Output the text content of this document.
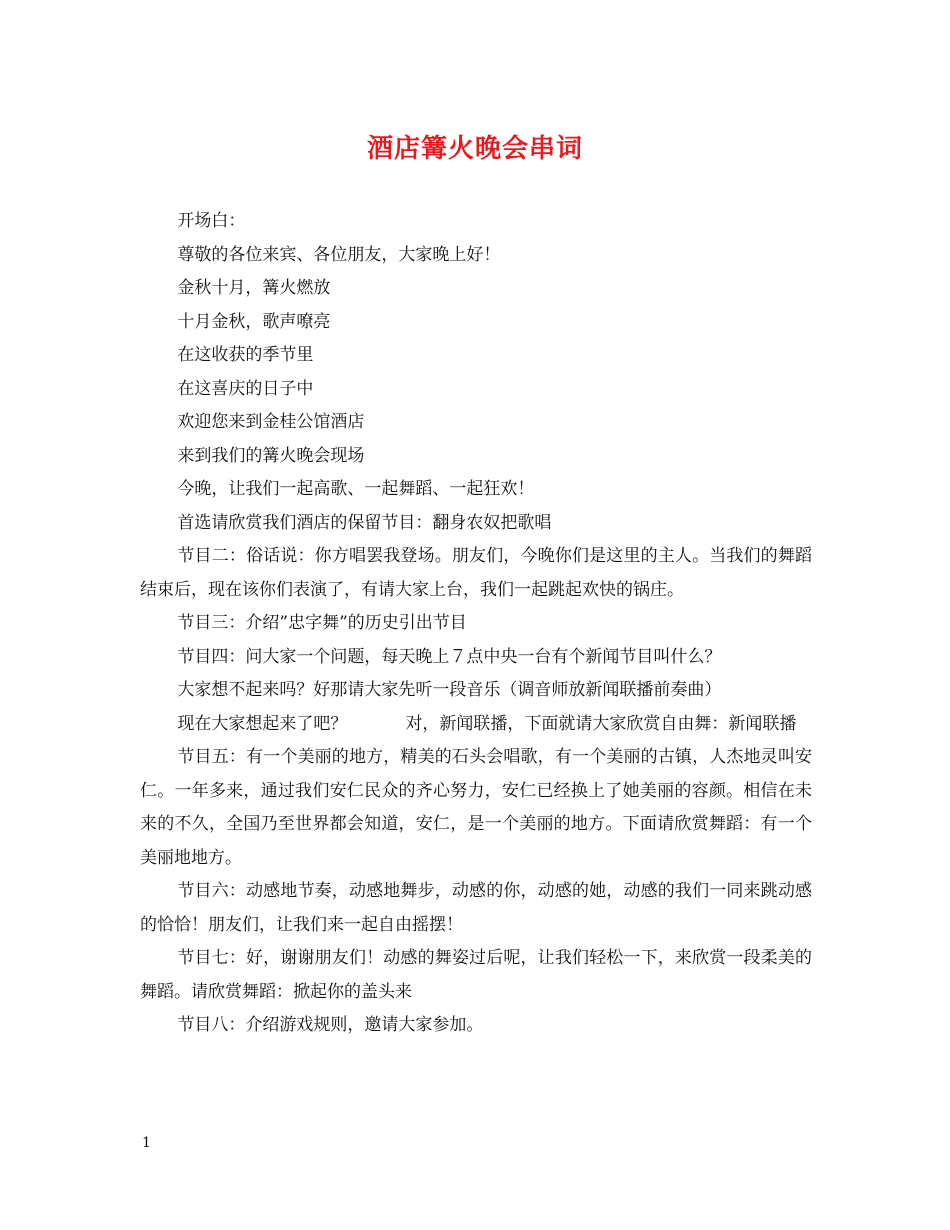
酒店篝火晚会串词

开场白：

尊敬的各位来宾、各位朋友，大家晚上好！

金秋十月，篝火燃放

十月金秋，歌声嘹亮

在这收获的季节里

在这喜庆的日子中

欢迎您来到金桂公馆酒店

来到我们的篝火晚会现场

今晚，让我们一起高歌、一起舞蹈、一起狂欢！

首选请欣赏我们酒店的保留节目：翻身农奴把歌唱

节目二：俗话说：你方唱罢我登场。朋友们，今晚你们是这里的主人。当我们的舞蹈结束后，现在该你们表演了，有请大家上台，我们一起跳起欢快的锅庄。

节目三：介绍”忠字舞”的历史引出节目

节目四：问大家一个问题，每天晚上７点中央一台有个新闻节目叫什么？

大家想不起来吗？好那请大家先听一段音乐（调音师放新闻联播前奏曲）

现在大家想起来了吧？	对，新闻联播，下面就请大家欣赏自由舞：新闻联播

节目五：有一个美丽的地方，精美的石头会唱歌，有一个美丽的古镇，人杰地灵叫安仁。一年多来，通过我们安仁民众的齐心努力，安仁已经换上了她美丽的容颜。相信在未来的不久，全国乃至世界都会知道，安仁，是一个美丽的地方。下面请欣赏舞蹈：有一个美丽地地方。

节目六：动感地节奏，动感地舞步，动感的你，动感的她，动感的我们一同来跳动感的恰恰！朋友们，让我们来一起自由摇摆！

节目七：好，谢谢朋友们！动感的舞姿过后呢，让我们轻松一下，来欣赏一段柔美的舞蹈。请欣赏舞蹈：掀起你的盖头来

节目八：介绍游戏规则，邀请大家参加。

1
